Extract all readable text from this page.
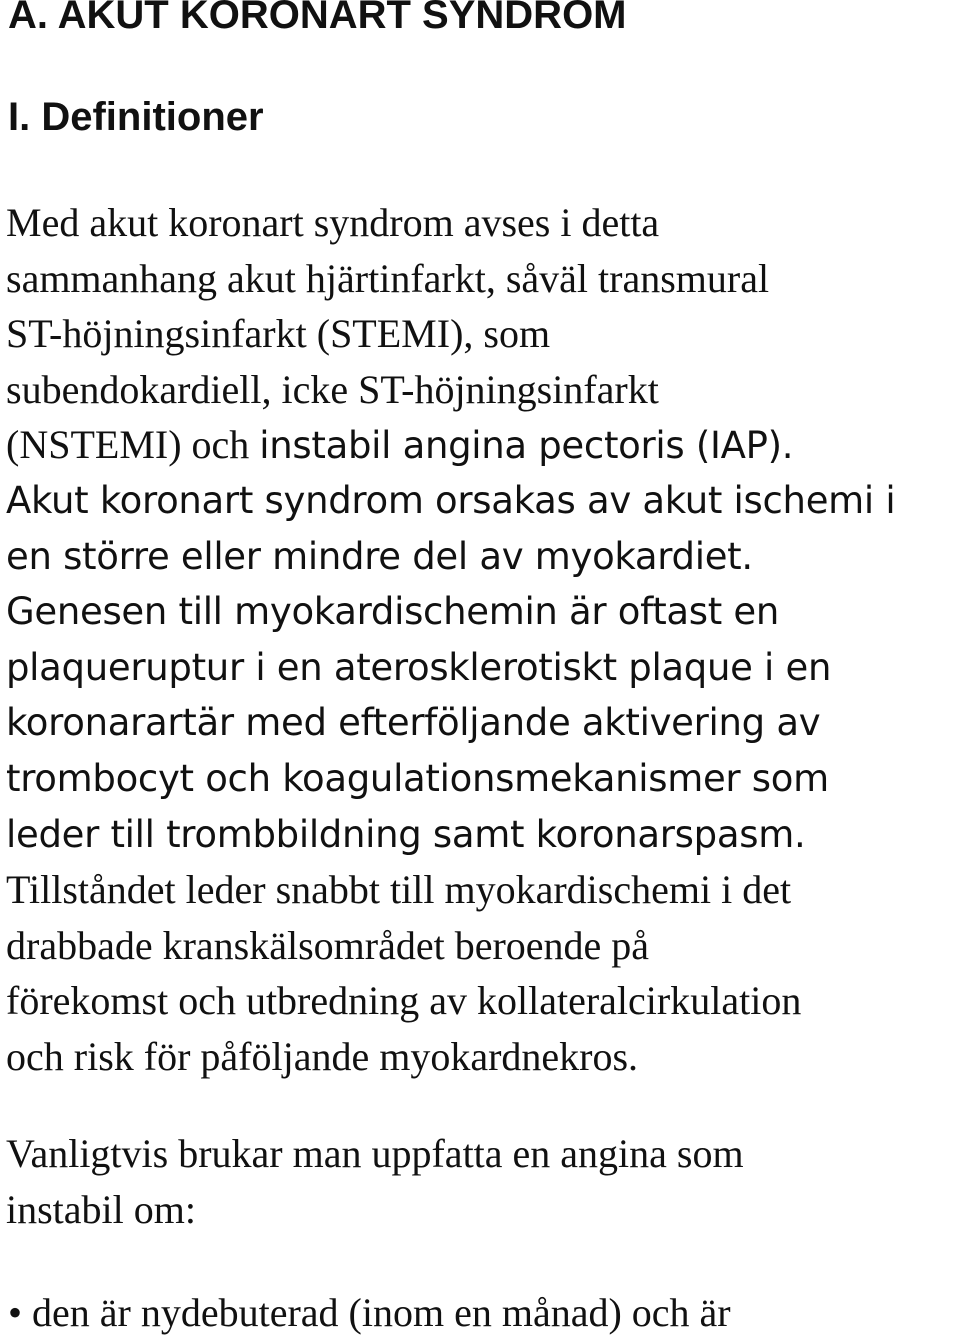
A. AKUT KORONART SYNDROM
I. Definitioner
Med akut koronart syndrom avses i detta
sammanhang akut hjärtinfarkt, såväl transmural
ST-höjningsinfarkt (STEMI), som
subendokardiell, icke ST-höjningsinfarkt
(NSTEMI) och instabil angina pectoris (IAP).
Akut koronart syndrom orsakas av akut ischemi i
en större eller mindre del av myokardiet.
Genesen till myokardischemin är oftast en
plaqueruptur i en aterosklerotiskt plaque i en
koronarartär med efterföljande aktivering av
trombocyt och koagulationsmekanismer som
leder till trombbildning samt koronarspasm.
Tillståndet leder snabbt till myokardischemi i det
drabbade kranskälsområdet beroende på
förekomst och utbredning av kollateralcirkulation
och risk för påföljande myokardnekros.
Vanligtvis brukar man uppfatta en angina som
instabil om:
• den är nydebuterad (inom en månad) och är
